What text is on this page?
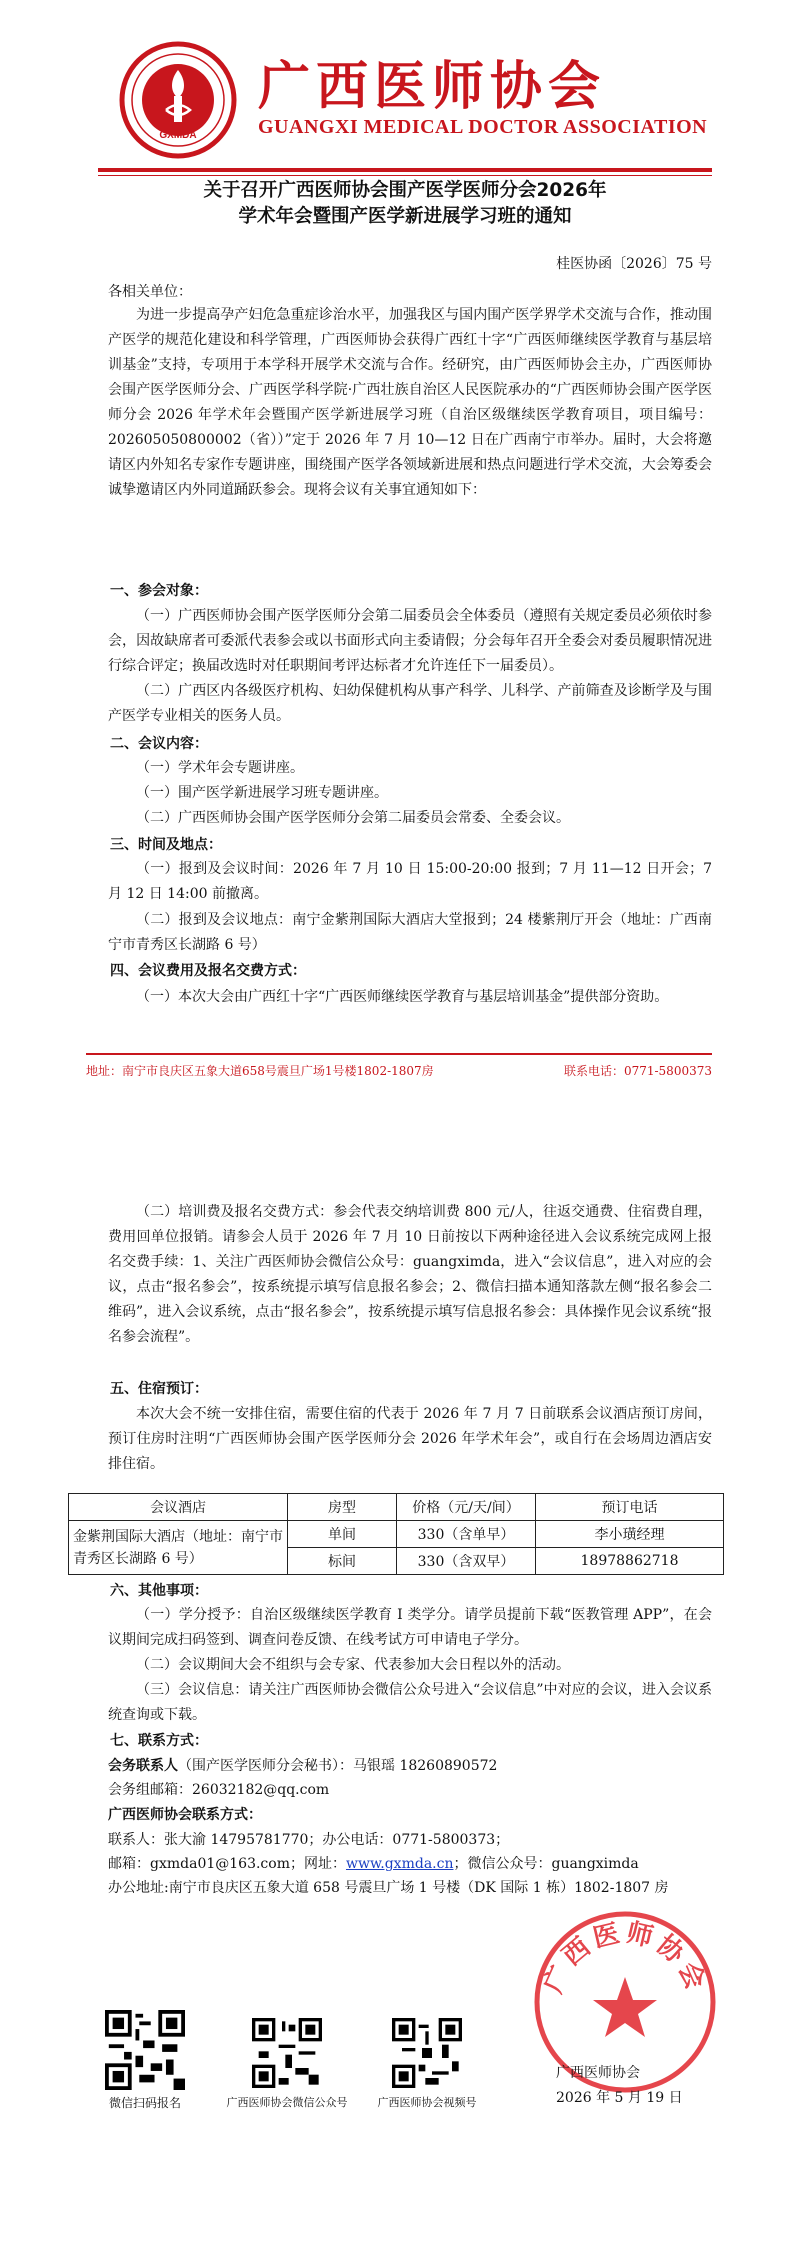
GXMDA
广西医师协会
GUANGXI MEDICAL DOCTOR ASSOCIATION
关于召开广西医师协会围产医学医师分会2026年
学术年会暨围产医学新进展学习班的通知
桂医协函〔2026〕75 号

各相关单位：

为进一步提高孕产妇危急重症诊治水平，加强我区与国内围产医学界学术交流与合作，推动围产医学的规范化建设和科学管理，广西医师协会获得广西红十字“广西医师继续医学教育与基层培训基金”支持，专项用于本学科开展学术交流与合作。经研究，由广西医师协会主办，广西医师协会围产医学医师分会、广西医学科学院·广西壮族自治区人民医院承办的“广西医师协会围产医学医师分会 2026 年学术年会暨围产医学新进展学习班（自治区级继续医学教育项目，项目编号：202605050800002（省））”定于 2026 年 7 月 10—12 日在广西南宁市举办。届时，大会将邀请区内外知名专家作专题讲座，围绕围产医学各领域新进展和热点问题进行学术交流，大会筹委会诚挚邀请区内外同道踊跃参会。现将会议有关事宜通知如下：

一、参会对象：

（一）广西医师协会围产医学医师分会第二届委员会全体委员（遵照有关规定委员必须依时参会，因故缺席者可委派代表参会或以书面形式向主委请假；分会每年召开全委会对委员履职情况进行综合评定；换届改选时对任职期间考评达标者才允许连任下一届委员）。

（二）广西区内各级医疗机构、妇幼保健机构从事产科学、儿科学、产前筛查及诊断学及与围产医学专业相关的医务人员。

二、会议内容：

（一）学术年会专题讲座。

（一）围产医学新进展学习班专题讲座。

（二）广西医师协会围产医学医师分会第二届委员会常委、全委会议。

三、时间及地点：

（一）报到及会议时间：2026 年 7 月 10 日 15:00-20:00 报到；7 月 11—12 日开会；7 月 12 日 14:00 前撤离。

（二）报到及会议地点：南宁金紫荆国际大酒店大堂报到；24 楼紫荆厅开会（地址：广西南宁市青秀区长湖路 6 号）

四、会议费用及报名交费方式：

（一）本次大会由广西红十字“广西医师继续医学教育与基层培训基金”提供部分资助。

地址：南宁市良庆区五象大道658号震旦广场1号楼1802-1807房	联系电话：0771-5800373

（二）培训费及报名交费方式：参会代表交纳培训费 800 元/人，往返交通费、住宿费自理，费用回单位报销。请参会人员于 2026 年 7 月 10 日前按以下两种途径进入会议系统完成网上报名交费手续：1、关注广西医师协会微信公众号：guangximda，进入“会议信息”，进入对应的会议，点击“报名参会”，按系统提示填写信息报名参会；2、微信扫描本通知落款左侧“报名参会二维码”，进入会议系统，点击“报名参会”，按系统提示填写信息报名参会：具体操作见会议系统“报名参会流程”。

五、住宿预订：

本次大会不统一安排住宿，需要住宿的代表于 2026 年 7 月 7 日前联系会议酒店预订房间，预订住房时注明“广西医师协会围产医学医师分会 2026 年学术年会”，或自行在会场周边酒店安排住宿。

会议酒店	房型	价格（元/天/间）	预订电话
金紫荆国际大酒店（地址：南宁市青秀区长湖路 6 号）	单间	330（含单早）	李小璜经理
	标间	330（含双早）	18978862718
六、其他事项：

（一）学分授予：自治区级继续医学教育 I 类学分。请学员提前下载“医教管理 APP”，在会议期间完成扫码签到、调查问卷反馈、在线考试方可申请电子学分。

（二）会议期间大会不组织与会专家、代表参加大会日程以外的活动。

（三）会议信息：请关注广西医师协会微信公众号进入“会议信息”中对应的会议，进入会议系统查询或下载。

七、联系方式：

会务联系人（围产医学医师分会秘书）：马银瑶 18260890572

会务组邮箱：26032182@qq.com

广西医师协会联系方式：

联系人：张大渝 14795781770；办公电话：0771-5800373；

邮箱：gxmda01@163.com；网址：www.gxmda.cn；微信公众号：guangximda

办公地址:南宁市良庆区五象大道 658 号震旦广场 1 号楼（DK 国际 1 栋）1802-1807 房

微信扫码报名	广西医师协会微信公众号	广西医师协会视频号
广西医师协会
广西医师协会
2026 年 5 月 19 日
